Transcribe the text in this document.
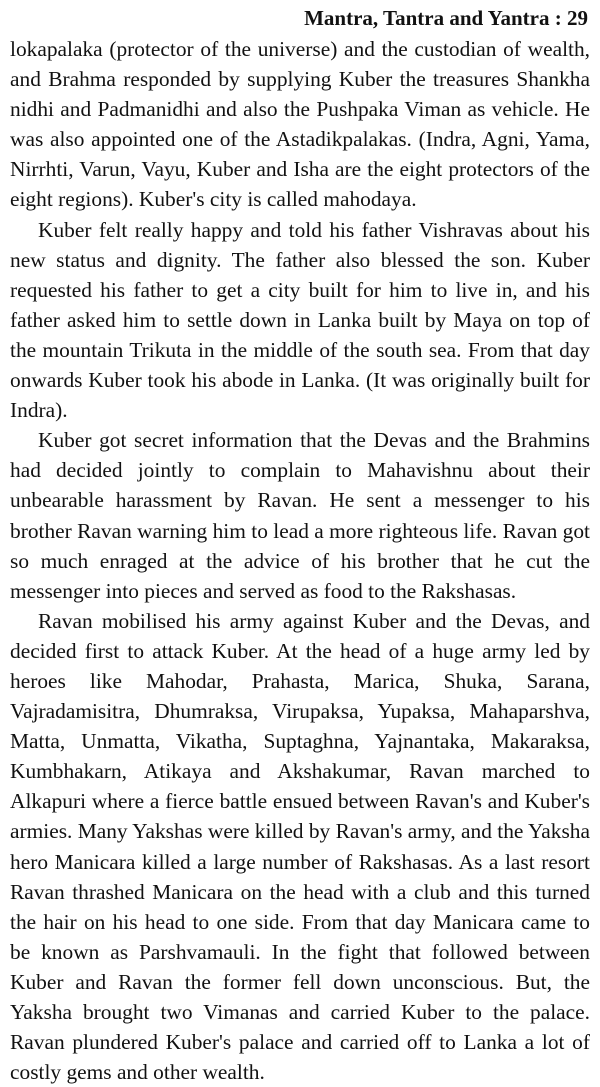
Mantra, Tantra and Yantra : 29

lokapalaka (protector of the universe) and the custodian of wealth, and Brahma responded by supplying Kuber the treasures Shankha nidhi and Padmanidhi and also the Pushpaka Viman as vehicle. He was also appointed one of the Astadikpalakas. (Indra, Agni, Yama, Nirrhti, Varun, Vayu, Kuber and Isha are the eight protectors of the eight regions). Kuber's city is called mahodaya.

Kuber felt really happy and told his father Vishravas about his new status and dignity. The father also blessed the son. Kuber requested his father to get a city built for him to live in, and his father asked him to settle down in Lanka built by Maya on top of the mountain Trikuta in the middle of the south sea. From that day onwards Kuber took his abode in Lanka. (It was originally built for Indra).

Kuber got secret information that the Devas and the Brahmins had decided jointly to complain to Mahavishnu about their unbearable harassment by Ravan. He sent a messenger to his brother Ravan warning him to lead a more righteous life. Ravan got so much enraged at the advice of his brother that he cut the messenger into pieces and served as food to the Rakshasas.

Ravan mobilised his army against Kuber and the Devas, and decided first to attack Kuber. At the head of a huge army led by heroes like Mahodar, Prahasta, Marica, Shuka, Sarana, Vajradamisitra, Dhumraksa, Virupaksa, Yupaksa, Mahaparshva, Matta, Unmatta, Vikatha, Suptaghna, Yajnantaka, Makaraksa, Kumbhakarn, Atikaya and Akshakumar, Ravan marched to Alkapuri where a fierce battle ensued between Ravan's and Kuber's armies. Many Yakshas were killed by Ravan's army, and the Yaksha hero Manicara killed a large number of Rakshasas. As a last resort Ravan thrashed Manicara on the head with a club and this turned the hair on his head to one side. From that day Manicara came to be known as Parshvamauli. In the fight that followed between Kuber and Ravan the former fell down unconscious. But, the Yaksha brought two Vimanas and carried Kuber to the palace. Ravan plundered Kuber's palace and carried off to Lanka a lot of costly gems and other wealth.
